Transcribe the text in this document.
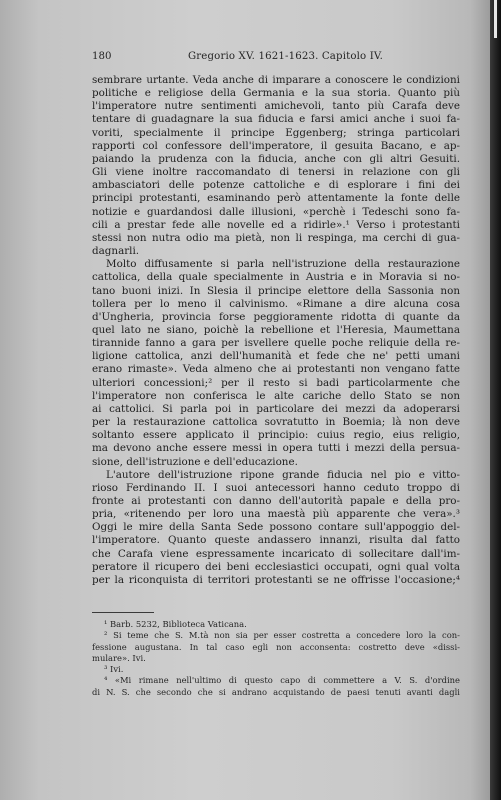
180	Gregorio XV. 1621-1623. Capitolo IV.
sembrare urtante. Veda anche di imparare a conoscere le condizioni
politiche e religiose della Germania e la sua storia. Quanto più
l'imperatore nutre sentimenti amichevoli, tanto più Carafa deve
tentare di guadagnare la sua fiducia e farsi amici anche i suoi fa-
voriti, specialmente il principe Eggenberg; stringa particolari
rapporti col confessore dell'imperatore, il gesuita Bacano, e ap-
paiando la prudenza con la fiducia, anche con gli altri Gesuiti.
Gli viene inoltre raccomandato di tenersi in relazione con gli
ambasciatori delle potenze cattoliche e di esplorare i fini dei
principi protestanti, esaminando però attentamente la fonte delle
notizie e guardandosi dalle illusioni, «perchè i Tedeschi sono fa-
cili a prestar fede alle novelle ed a ridirle».¹ Verso i protestanti
stessi non nutra odio ma pietà, non li respinga, ma cerchi di gua-
dagnarli.
Molto diffusamente si parla nell'istruzione della restaurazione
cattolica, della quale specialmente in Austria e in Moravia si no-
tano buoni inizi. In Slesia il principe elettore della Sassonia non
tollera per lo meno il calvinismo. «Rimane a dire alcuna cosa
d'Ungheria, provincia forse peggioramente ridotta di quante da
quel lato ne siano, poichè la rebellione et l'Heresia, Maumettana
tirannide fanno a gara per isvellere quelle poche reliquie della re-
ligione cattolica, anzi dell'humanità et fede che ne' petti umani
erano rimaste». Veda almeno che ai protestanti non vengano fatte
ulteriori concessioni;² per il resto si badi particolarmente che
l'imperatore non conferisca le alte cariche dello Stato se non
ai cattolici. Si parla poi in particolare dei mezzi da adoperarsi
per la restaurazione cattolica sovratutto in Boemia; là non deve
soltanto essere applicato il principio: cuius regio, eius religio,
ma devono anche essere messi in opera tutti i mezzi della persua-
sione, dell'istruzione e dell'educazione.
L'autore dell'istruzione ripone grande fiducia nel pio e vitto-
rioso Ferdinando II. I suoi antecessori hanno ceduto troppo di
fronte ai protestanti con danno dell'autorità papale e della pro-
pria, «ritenendo per loro una maestà più apparente che vera».³
Oggi le mire della Santa Sede possono contare sull'appoggio del-
l'imperatore. Quanto queste andassero innanzi, risulta dal fatto
che Carafa viene espressamente incaricato di sollecitare dall'im-
peratore il ricupero dei beni ecclesiastici occupati, ogni qual volta
per la riconquista di territori protestanti se ne offrisse l'occasione;⁴
¹ Barb. 5232, Biblioteca Vaticana.
² Si teme che S. M.tà non sia per esser costretta a concedere loro la con-
fessione augustana. In tal caso egli non acconsenta: costretto deve «dissi-
mulare». Ivi.
³ Ivi.
⁴ «Mi rimane nell'ultimo di questo capo di commettere a V. S. d'ordine
di N. S. che secondo che si andrano acquistando de paesi tenuti avanti dagli
